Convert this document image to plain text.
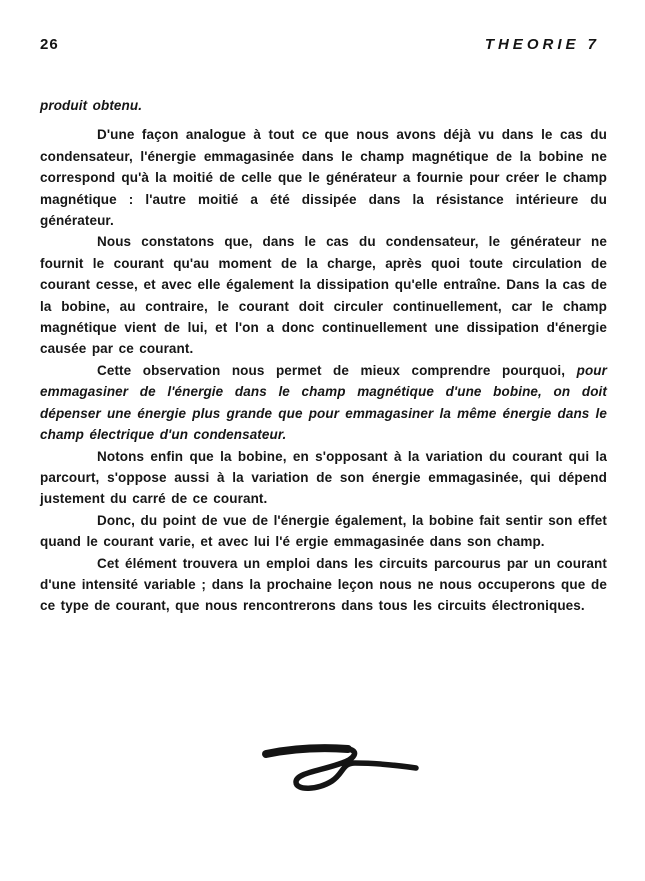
26	THEORIE 7

produit obtenu.

D'une façon analogue à tout ce que nous avons déjà vu dans le cas du condensateur, l'énergie emmagasinée dans le champ magnétique de la bobine ne correspond qu'à la moitié de celle que le générateur a fournie pour créer le champ magnétique : l'autre moitié a été dissipée dans la résistance intérieure du générateur.

Nous constatons que, dans le cas du condensateur, le générateur ne fournit le courant qu'au moment de la charge, après quoi toute circulation de courant cesse, et avec elle également la dissipation qu'elle entraîne. Dans la cas de la bobine, au contraire, le courant doit circuler continuellement, car le champ magnétique vient de lui, et l'on a donc continuellement une dissipation d'énergie causée par ce courant.

Cette observation nous permet de mieux comprendre pourquoi, pour emmagasiner de l'énergie dans le champ magnétique d'une bobine, on doit dépenser une énergie plus grande que pour emmagasiner la même énergie dans le champ électrique d'un condensateur.

Notons enfin que la bobine, en s'opposant à la variation du courant qui la parcourt, s'oppose aussi à la variation de son énergie emmagasinée, qui dépend justement du carré de ce courant.

Donc, du point de vue de l'énergie également, la bobine fait sentir son effet quand le courant varie, et avec lui l'é ergie emmagasinée dans son champ.

Cet élément trouvera un emploi dans les circuits parcourus par un courant d'une intensité variable ; dans la prochaine leçon nous ne nous occuperons que de ce type de courant, que nous rencontrerons dans tous les circuits électroniques.
